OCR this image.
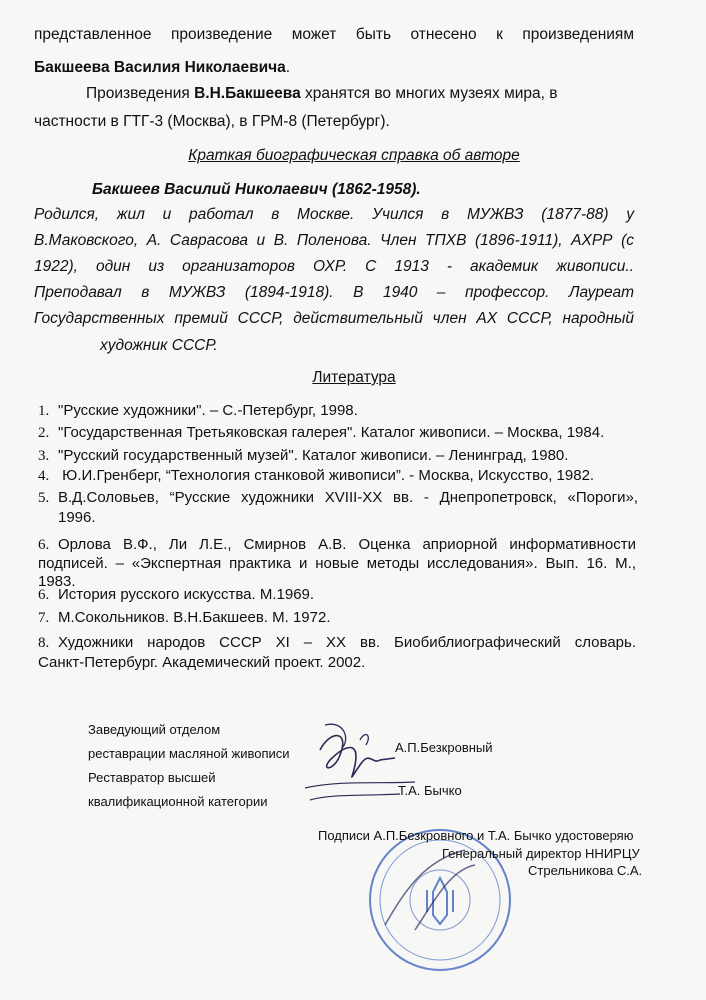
представленное произведение может быть отнесено к произведениям
Бакшеева Василия Николаевича.
Произведения В.Н.Бакшеева хранятся во многих музеях мира, в
частности в ГТГ-3 (Москва), в ГРМ-8 (Петербург).
Краткая биографическая справка об авторе
Бакшеев Василий Николаевич (1862-1958).
Родился, жил и работал в Москве. Учился в МУЖВЗ (1877-88) у
В.Маковского, А. Саврасова и В. Поленова. Член ТПХВ (1896-1911), АХРР (с
1922), один из организаторов ОХР. С 1913 - академик живописи..
Преподавал в МУЖВЗ (1894-1918). В 1940 – профессор. Лауреат
Государственных премий СССР, действительный член АХ СССР, народный
художник СССР.
Литература
1. "Русские художники". – С.-Петербург, 1998.
2. "Государственная Третьяковская галерея". Каталог живописи. – Москва, 1984.
3. "Русский государственный музей". Каталог живописи. – Ленинград, 1980.
4. Ю.И.Гренберг, “Технология станковой живописи”. - Москва, Искусство, 1982.
5. В.Д.Соловьев, “Русские художники XVIII-XX вв. - Днепропетровск, «Пороги»,
1996.
6. Орлова В.Ф., Ли Л.Е., Смирнов А.В. Оценка априорной информативности
подписей. – «Экспертная практика и новые методы исследования». Вып. 16. М.,
1983.
6. История русского искусства. М.1969.
7. М.Сокольников. В.Н.Бакшеев. М. 1972.
8. Художники народов СССР XI – XX вв. Биобиблиографический словарь.
Санкт-Петербург. Академический проект. 2002.
Заведующий отделом
реставрации масляной живописи
Реставратор высшей
квалификационной категории
А.П.Безкровный
Т.А. Бычко
Подписи А.П.Безкровного и Т.А. Бычко удостоверяю
Генеральный директор ННИРЦУ
Стрельникова С.А.
